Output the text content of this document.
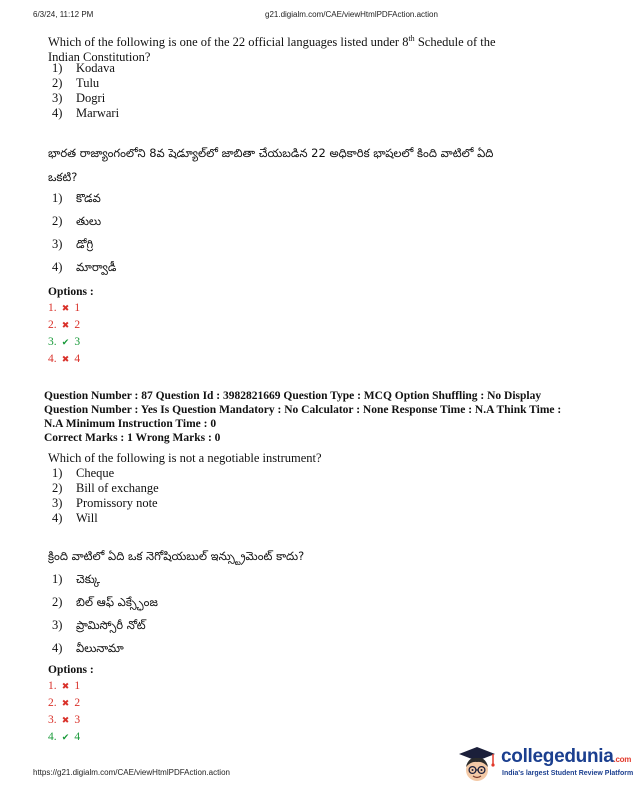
6/3/24, 11:12 PM	g21.digialm.com/CAE/viewHtmlPDFAction.action
Which of the following is one of the 22 official languages listed under 8th Schedule of the
Indian Constitution?
1) Kodava
2) Tulu
3) Dogri
4) Marwari
భారత రాజ్యాంగంలోని 8వ షెడ్యూల్‌లో జాబితా చేయబడిన 22 అధికారిక భాషలలో కింది వాటిలో ఏది
ఒకటి?
1) కొడవ
2) తులు
3) డోగ్రి
4) మార్వాడీ
Options :
1. ✖ 1
2. ✖ 2
3. ✔ 3
4. ✖ 4
Question Number : 87 Question Id : 3982821669 Question Type : MCQ Option Shuffling : No Display
Question Number : Yes Is Question Mandatory : No Calculator : None Response Time : N.A Think Time :
N.A Minimum Instruction Time : 0
Correct Marks : 1 Wrong Marks : 0
Which of the following is not a negotiable instrument?
1) Cheque
2) Bill of exchange
3) Promissory note
4) Will
క్రింది వాటిలో ఏది ఒక నెగోషియబుల్ ఇన్స్ట్రుమెంట్ కాదు?
1) చెక్కు
2) బిల్ ఆఫ్ ఎక్స్ఛేంజ
3) ప్రామిస్సోరీ నోట్
4) వీలునామా
Options :
1. ✖ 1
2. ✖ 2
3. ✖ 3
4. ✔ 4
https://g21.digialm.com/CAE/viewHtmlPDFAction.action
collegedunia.com
India's largest Student Review Platform
